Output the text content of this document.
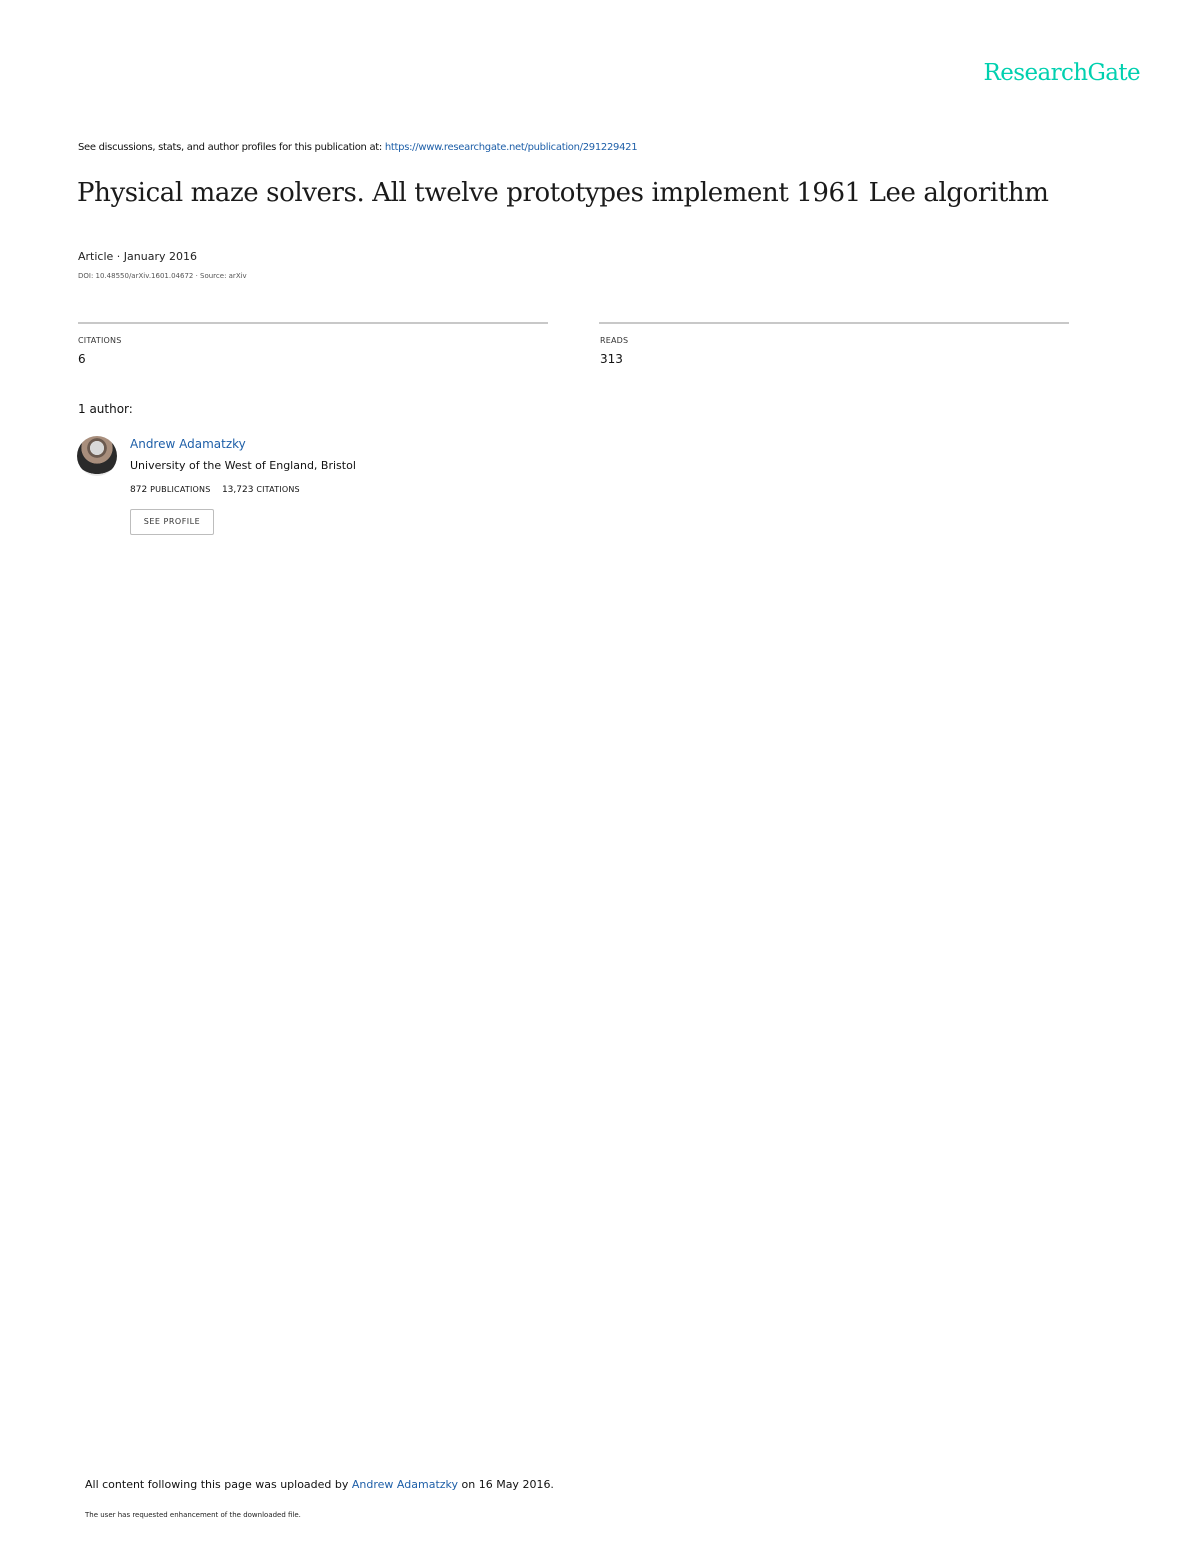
ResearchGate
See discussions, stats, and author profiles for this publication at: https://www.researchgate.net/publication/291229421
Physical maze solvers. All twelve prototypes implement 1961 Lee algorithm
Article · January 2016
DOI: 10.48550/arXiv.1601.04672 · Source: arXiv
CITATIONS
6
READS
313
1 author:
Andrew Adamatzky
University of the West of England, Bristol
872 PUBLICATIONS 13,723 CITATIONS
SEE PROFILE
All content following this page was uploaded by Andrew Adamatzky on 16 May 2016.
The user has requested enhancement of the downloaded file.
